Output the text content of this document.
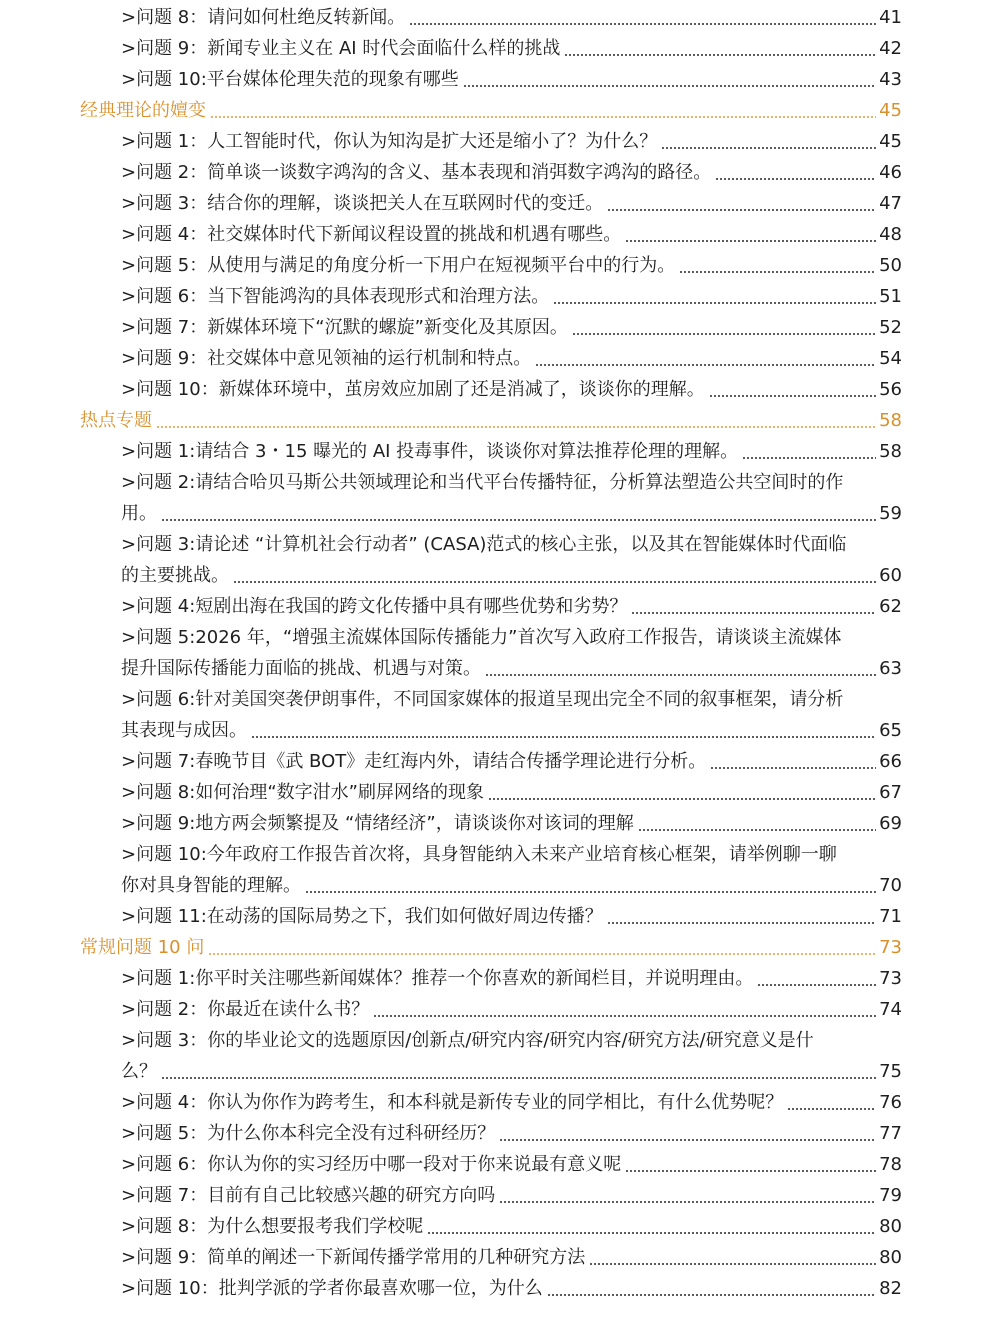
>问题 8：请问如何杜绝反转新闻。	41
>问题 9：新闻专业主义在 AI 时代会面临什么样的挑战	42
>问题 10:平台媒体伦理失范的现象有哪些	43
经典理论的嬗变	45
>问题 1：人工智能时代，你认为知沟是扩大还是缩小了？为什么？	45
>问题 2：简单谈一谈数字鸿沟的含义、基本表现和消弭数字鸿沟的路径。	46
>问题 3：结合你的理解，谈谈把关人在互联网时代的变迁。	47
>问题 4：社交媒体时代下新闻议程设置的挑战和机遇有哪些。	48
>问题 5：从使用与满足的角度分析一下用户在短视频平台中的行为。	50
>问题 6：当下智能鸿沟的具体表现形式和治理方法。	51
>问题 7：新媒体环境下“沉默的螺旋”新变化及其原因。	52
>问题 9：社交媒体中意见领袖的运行机制和特点。	54
>问题 10：新媒体环境中，茧房效应加剧了还是消减了，谈谈你的理解。	56
热点专题	58
>问题 1:请结合 3・15 曝光的 AI 投毒事件，谈谈你对算法推荐伦理的理解。	58
>问题 2:请结合哈贝马斯公共领域理论和当代平台传播特征，分析算法塑造公共空间时的作
用。	59
>问题 3:请论述 “计算机社会行动者” (CASA)范式的核心主张，以及其在智能媒体时代面临
的主要挑战。	60
>问题 4:短剧出海在我国的跨文化传播中具有哪些优势和劣势？	62
>问题 5:2026 年，“增强主流媒体国际传播能力”首次写入政府工作报告，请谈谈主流媒体
提升国际传播能力面临的挑战、机遇与对策。	63
>问题 6:针对美国突袭伊朗事件，不同国家媒体的报道呈现出完全不同的叙事框架，请分析
其表现与成因。	65
>问题 7:春晚节目《武 BOT》走红海内外，请结合传播学理论进行分析。	66
>问题 8:如何治理“数字泔水”刷屏网络的现象	67
>问题 9:地方两会频繁提及 “情绪经济”，请谈谈你对该词的理解	69
>问题 10:今年政府工作报告首次将，具身智能纳入未来产业培育核心框架，请举例聊一聊
你对具身智能的理解。	70
>问题 11:在动荡的国际局势之下，我们如何做好周边传播？	71
常规问题 10 问	73
>问题 1:你平时关注哪些新闻媒体？推荐一个你喜欢的新闻栏目，并说明理由。	73
>问题 2：你最近在读什么书？	74
>问题 3：你的毕业论文的选题原因/创新点/研究内容/研究内容/研究方法/研究意义是什
么？	75
>问题 4：你认为你作为跨考生，和本科就是新传专业的同学相比，有什么优势呢？	76
>问题 5：为什么你本科完全没有过科研经历？	77
>问题 6：你认为你的实习经历中哪一段对于你来说最有意义呢	78
>问题 7：目前有自己比较感兴趣的研究方向吗	79
>问题 8：为什么想要报考我们学校呢	80
>问题 9：简单的阐述一下新闻传播学常用的几种研究方法	80
>问题 10：批判学派的学者你最喜欢哪一位，为什么	82
